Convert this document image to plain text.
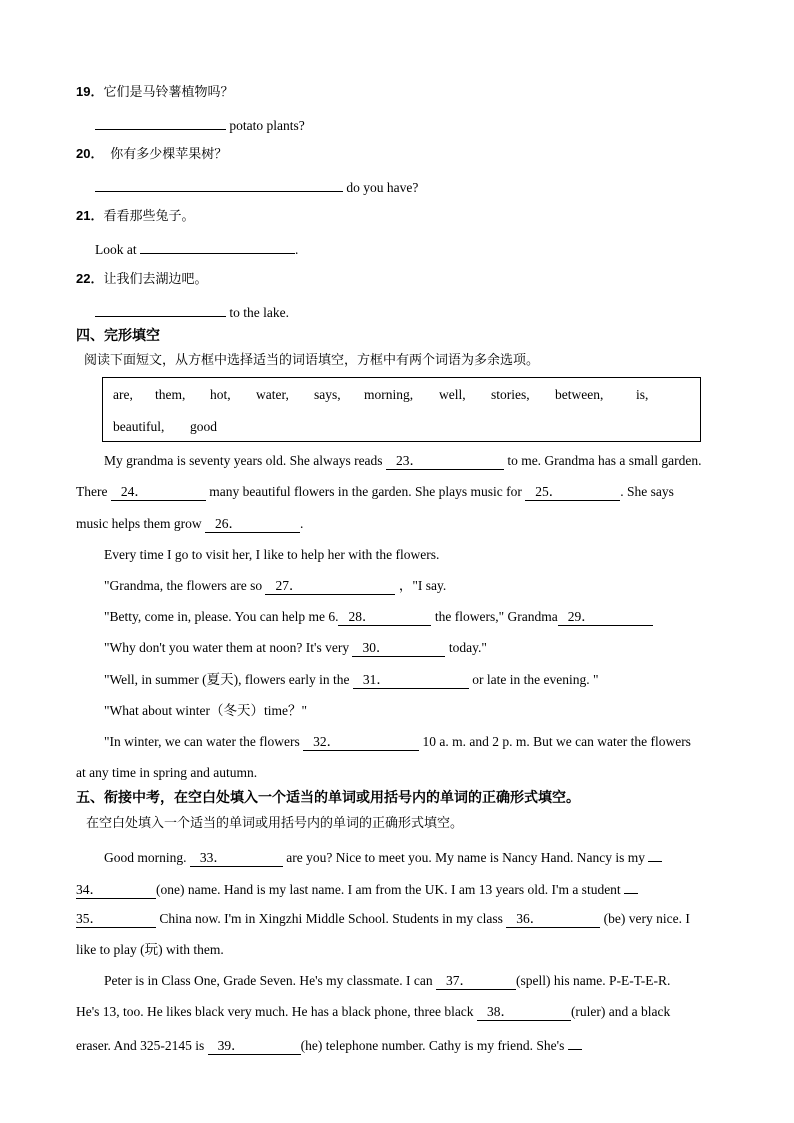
19．它们是马铃薯植物吗？
potato plants?
20． 你有多少棵苹果树？
do you have?
21．看看那些兔子。
Look at	.
22．让我们去湖边吧。
to the lake.
四、完形填空
阅读下面短文，从方框中选择适当的词语填空，方框中有两个词语为多余选项。
are, them, hot, water, says, morning, well, stories, between, is,
beautiful, good
My grandma is seventy years old. She always reads 23．	to me. Grandma has a small garden.
There 24．	many beautiful flowers in the garden. She plays music for 25．	. She says
music helps them grow 26．	.
Every time I go to visit her, I like to help her with the flowers.
"Grandma, the flowers are so 27．	，"I say.
"Betty, come in, please. You can help me 6. 28．	the flowers," Grandma 29．
"Why don't you water them at noon? It's very 30．	today."
"Well, in summer (夏天), flowers early in the 31．	or late in the evening. "
"What about winter（冬天）time？"
"In winter, we can water the flowers 32．	10 a. m. and 2 p. m. But we can water the flowers
at any time in spring and autumn.
五、衔接中考，在空白处填入一个适当的单词或用括号内的单词的正确形式填空。
在空白处填入一个适当的单词或用括号内的单词的正确形式填空。
Good morning. 33．	are you? Nice to meet you. My name is Nancy Hand. Nancy is my
34．	(one) name. Hand is my last name. I am from the UK. I am 13 years old. I'm a student
35．	China now. I'm in Xingzhi Middle School. Students in my class 36．	(be) very nice. I
like to play (玩) with them.
Peter is in Class One, Grade Seven. He's my classmate. I can 37．	(spell) his name. P-E-T-E-R.
He's 13, too. He likes black very much. He has a black phone, three black 38．	(ruler) and a black
eraser. And 325-2145 is 39．	(he) telephone number. Cathy is my friend. She's
